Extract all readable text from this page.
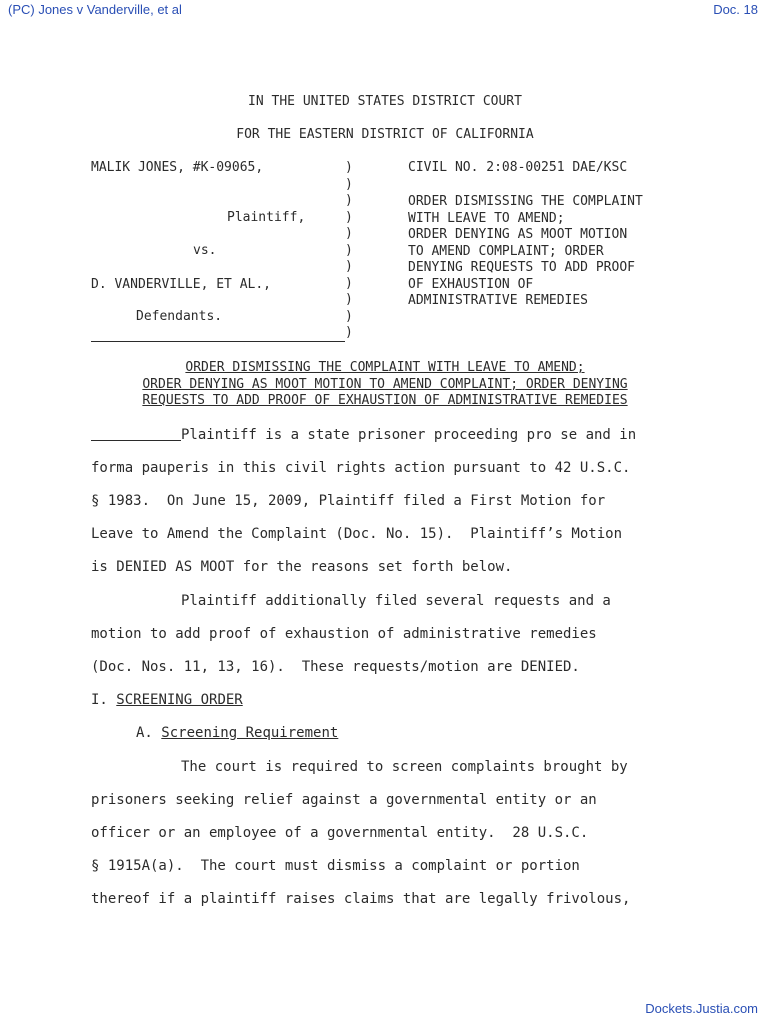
(PC) Jones v Vanderville, et al	Doc. 18
IN THE UNITED STATES DISTRICT COURT
FOR THE EASTERN DISTRICT OF CALIFORNIA
MALIK JONES, #K-09065,
Plaintiff,
vs.
D. VANDERVILLE, ET AL.,
Defendants.
)
)
)
)
)
)
)
)
)
)
)
CIVIL NO. 2:08-00251 DAE/KSC
ORDER DISMISSING THE COMPLAINT
WITH LEAVE TO AMEND;
ORDER DENYING AS MOOT MOTION
TO AMEND COMPLAINT; ORDER
DENYING REQUESTS TO ADD PROOF
OF EXHAUSTION OF
ADMINISTRATIVE REMEDIES
ORDER DISMISSING THE COMPLAINT WITH LEAVE TO AMEND;
ORDER DENYING AS MOOT MOTION TO AMEND COMPLAINT; ORDER DENYING
REQUESTS TO ADD PROOF OF EXHAUSTION OF ADMINISTRATIVE REMEDIES
Plaintiff is a state prisoner proceeding pro se and in
forma pauperis in this civil rights action pursuant to 42 U.S.C.
§ 1983.  On June 15, 2009, Plaintiff filed a First Motion for
Leave to Amend the Complaint (Doc. No. 15).  Plaintiff’s Motion
is DENIED AS MOOT for the reasons set forth below.
Plaintiff additionally filed several requests and a
motion to add proof of exhaustion of administrative remedies
(Doc. Nos. 11, 13, 16).  These requests/motion are DENIED.
I. SCREENING ORDER
A. Screening Requirement
The court is required to screen complaints brought by
prisoners seeking relief against a governmental entity or an
officer or an employee of a governmental entity.  28 U.S.C.
§ 1915A(a).  The court must dismiss a complaint or portion
thereof if a plaintiff raises claims that are legally frivolous,
Dockets.Justia.com
